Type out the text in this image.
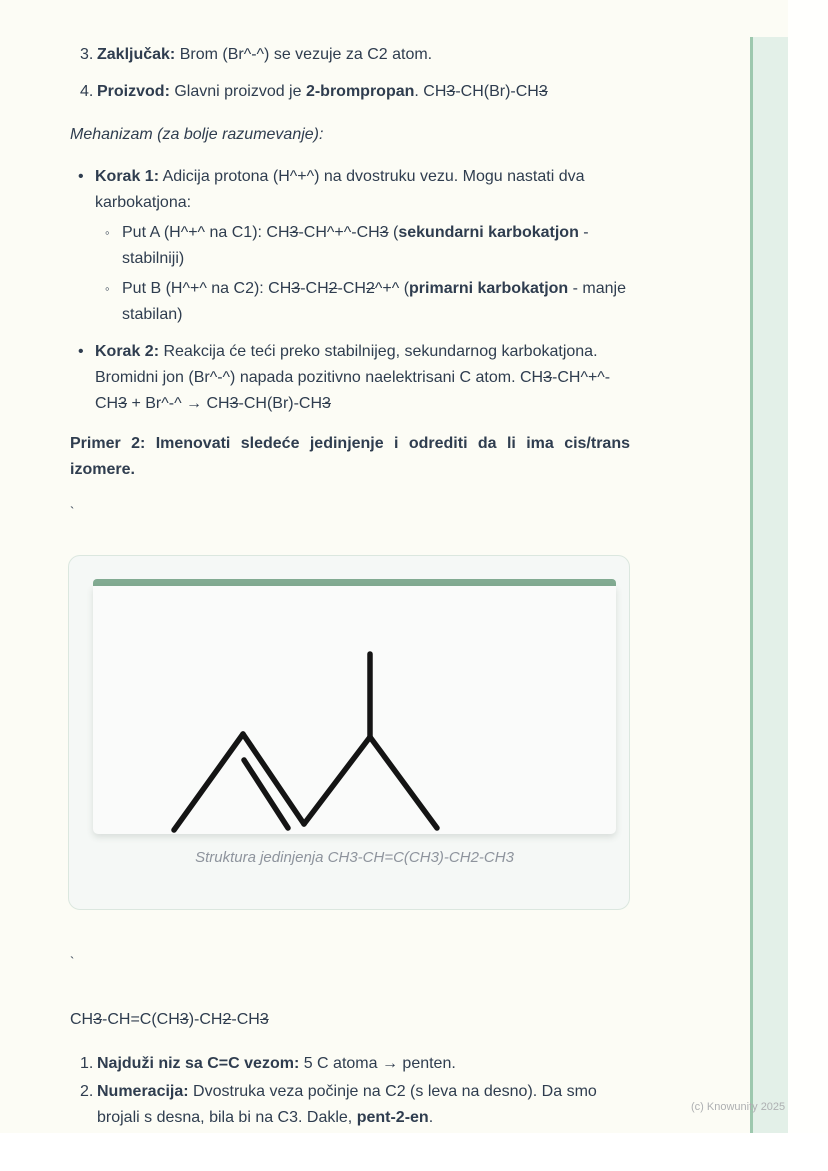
3. Zaključak: Brom (Br^-^) se vezuje za C2 atom.
4. Proizvod: Glavni proizvod je 2-brompropan. CH3-CH(Br)-CH3
Mehanizam (za bolje razumevanje):
• Korak 1: Adicija protona (H^+^) na dvostruku vezu. Mogu nastati dva
karbokatjona:
◦ Put A (H^+^ na C1): CH3-CH^+^-CH3 (sekundarni karbokatjon -
stabilniji)
◦ Put B (H^+^ na C2): CH3-CH2-CH2^+^ (primarni karbokatjon - manje
stabilan)
• Korak 2: Reakcija će teći preko stabilnijeg, sekundarnog karbokatjona.
Bromidni jon (Br^-^) napada pozitivno naelektrisani C atom. CH3-CH^+^-
CH3 + Br^-^ → CH3-CH(Br)-CH3
Primer 2: Imenovati sledeće jedinjenje i odrediti da li ima cis/trans
izomere.
`
Struktura jedinjenja CH3-CH=C(CH3)-CH2-CH3
`
CH3-CH=C(CH3)-CH2-CH3
1. Najduži niz sa C=C vezom: 5 C atoma → penten.
2. Numeracija: Dvostruka veza počinje na C2 (s leva na desno). Da smo
brojali s desna, bila bi na C3. Dakle, pent-2-en.
(c) Knowunity 2025
